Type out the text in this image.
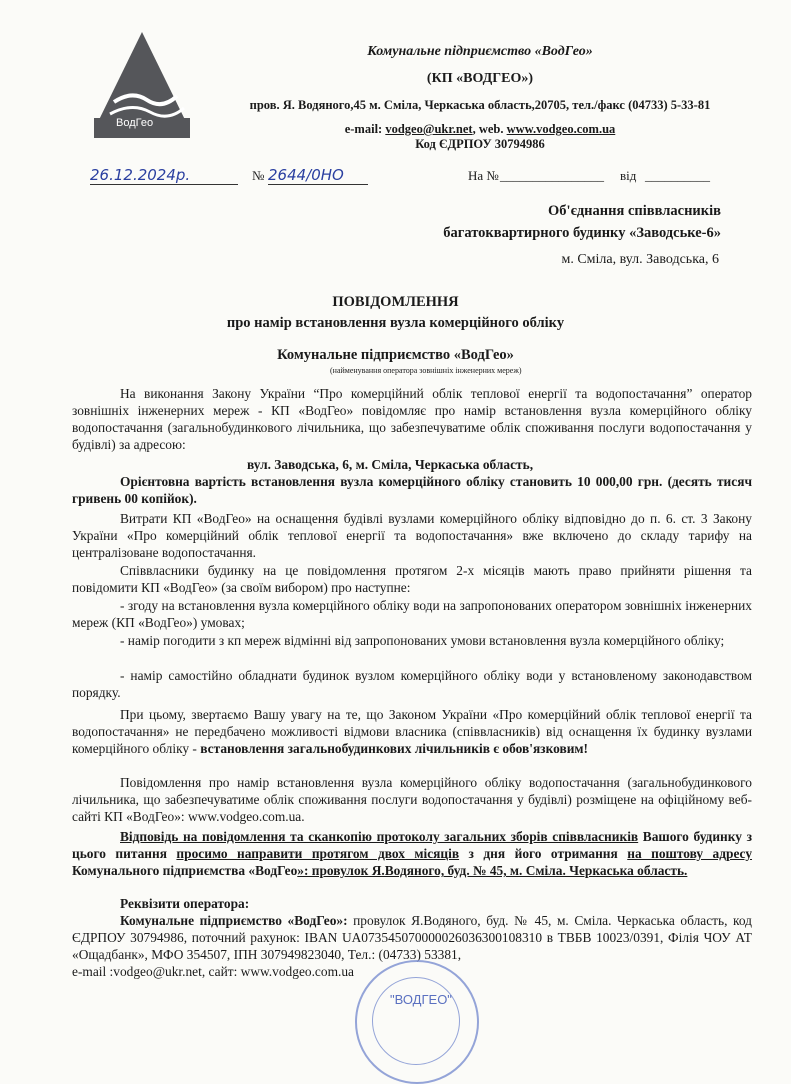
ВодГео
Комунальне підприємство «ВодГео»
(КП «ВОДГЕО»)
пров. Я. Водяного,45 м. Сміла, Черкаська область,20705, тел./факс (04733) 5-33-81
e-mail: vodgeo@ukr.net, web. www.vodgeo.com.ua
Код ЄДРПОУ 30794986
26.12.2024р.	№ 2644/0НО	На № ________________ від __________
Об'єднання співвласників
багатоквартирного будинку «Заводське-6»
м. Сміла, вул. Заводська, 6
ПОВІДОМЛЕННЯ
про намір встановлення вузла комерційного обліку
Комунальне підприємство «ВодГео»
(найменування оператора зовнішніх інженерних мереж)
На виконання Закону України “Про комерційний облік теплової енергії та водопостачання” оператор зовнішніх інженерних мереж - КП «ВодГео» повідомляє про намір встановлення вузла комерційного обліку водопостачання (загальнобудинкового лічильника, що забезпечуватиме облік споживання послуги водопостачання у будівлі) за адресою:
вул. Заводська, 6, м. Сміла, Черкаська область,
Орієнтовна вартість встановлення вузла комерційного обліку становить 10 000,00 грн. (десять тисяч гривень 00 копійок).
Витрати КП «ВодГео» на оснащення будівлі вузлами комерційного обліку відповідно до п. 6. ст. 3 Закону України «Про комерційний облік теплової енергії та водопостачання» вже включено до складу тарифу на централізоване водопостачання.
Співвласники будинку на це повідомлення протягом 2-х місяців мають право прийняти рішення та повідомити КП «ВодГео» (за своїм вибором) про наступне:
- згоду на встановлення вузла комерційного обліку води на запропонованих оператором зовнішніх інженерних мереж (КП «ВодГео») умовах;
- намір погодити з кп мереж відмінні від запропонованих умови встановлення вузла комерційного обліку;
- намір самостійно обладнати будинок вузлом комерційного обліку води у встановленому законодавством порядку.
При цьому, звертаємо Вашу увагу на те, що Законом України «Про комерційний облік теплової енергії та водопостачання» не передбачено можливості відмови власника (співвласників) від оснащення їх будинку вузлами комерційного обліку - встановлення загальнобудинкових лічильників є обов'язковим!
Повідомлення про намір встановлення вузла комерційного обліку водопостачання (загальнобудинкового лічильника, що забезпечуватиме облік споживання послуги водопостачання у будівлі) розміщене на офіційному веб-сайті КП «ВодГео»: www.vodgeo.com.ua.
Відповідь на повідомлення та сканкопію протоколу загальних зборів співвласників Вашого будинку з цього питання просимо направити протягом двох місяців з дня його отримання на поштову адресу Комунального підприємства «ВодГео»: провулок Я.Водяного, буд. № 45, м. Сміла. Черкаська область.
Реквізити оператора:
Комунальне підприємство «ВодГео»: провулок Я.Водяного, буд. № 45, м. Сміла. Черкаська область, код ЄДРПОУ 30794986, поточний рахунок: IBAN UA073545070000026036300108310 в ТВБВ 10023/0391, Філія ЧОУ АТ «Ощадбанк», МФО 354507, ІПН 307949823040, Тел.: (04733) 53381,
e-mail :vodgeo@ukr.net, сайт: www.vodgeo.com.ua
"ВОДГЕО"
